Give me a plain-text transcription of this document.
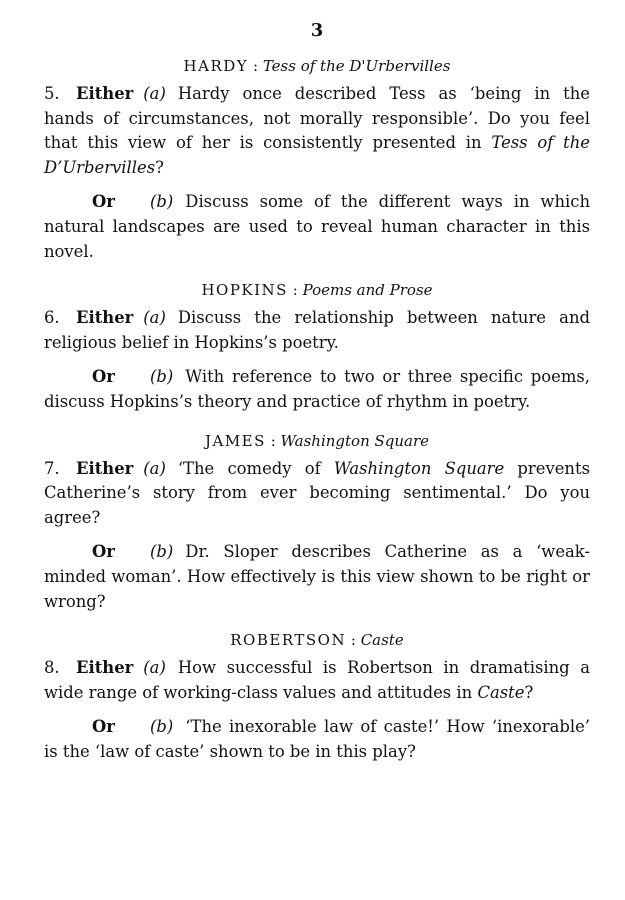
3
HARDY : Tess of the D'Urbervilles

5. Either (a) Hardy once described Tess as ‘being in the hands of circumstances, not morally responsible’. Do you feel that this view of her is consistently presented in Tess of the D’Urbervilles?

Or (b) Discuss some of the different ways in which natural landscapes are used to reveal human character in this novel.

HOPKINS : Poems and Prose

6. Either (a) Discuss the relationship between nature and religious belief in Hopkins’s poetry.

Or (b) With reference to two or three specific poems, discuss Hopkins’s theory and practice of rhythm in poetry.

JAMES : Washington Square

7. Either (a) ‘The comedy of Washington Square prevents Catherine’s story from ever becoming sentimental.’ Do you agree?

Or (b) Dr. Sloper describes Catherine as a ‘weak-minded woman’. How effectively is this view shown to be right or wrong?

ROBERTSON : Caste

8. Either (a) How successful is Robertson in dramatising a wide range of working-class values and attitudes in Caste?

Or (b) ‘The inexorable law of caste!’ How ‘inexorable’ is the ‘law of caste’ shown to be in this play?
